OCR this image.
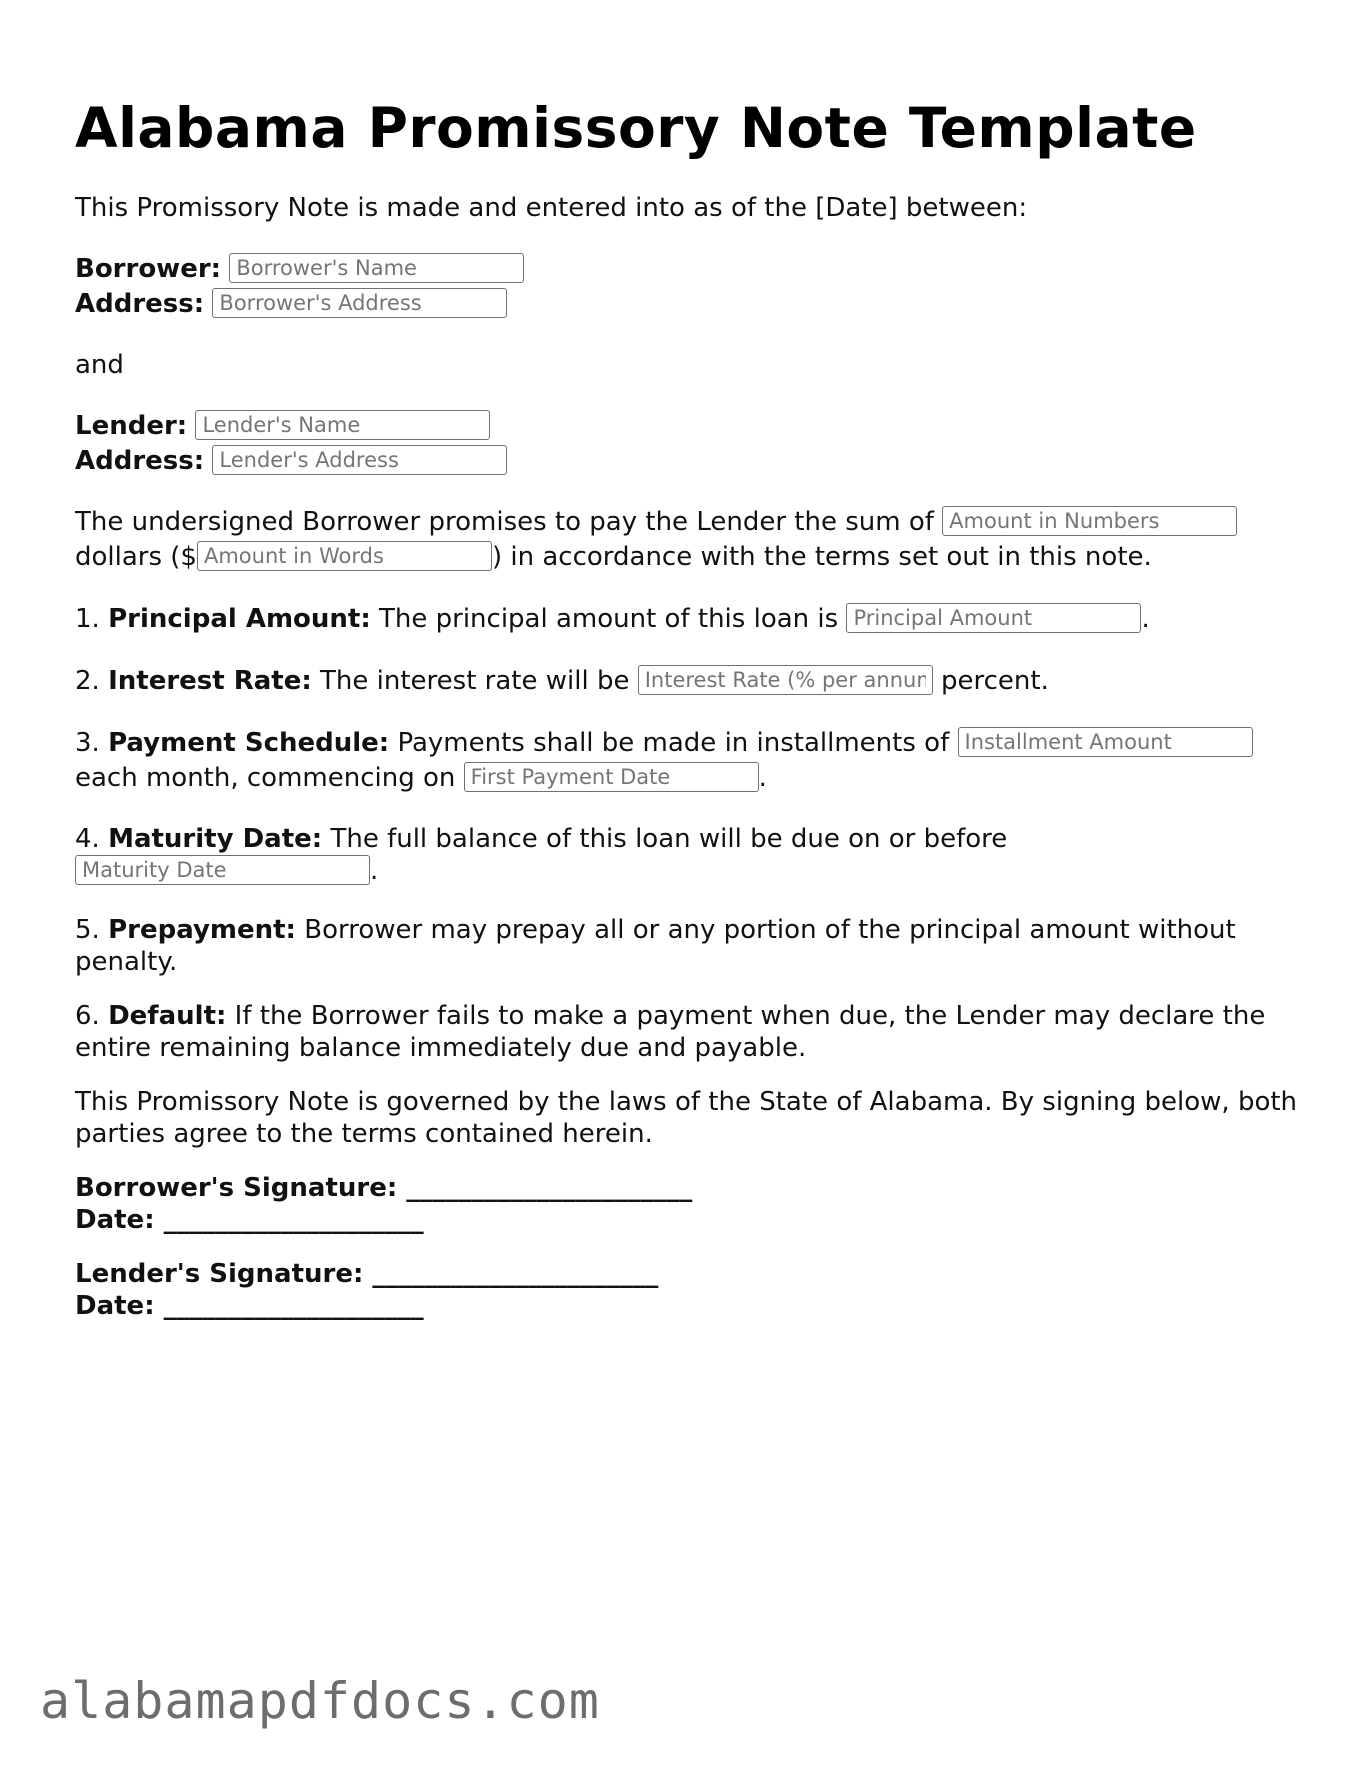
Alabama Promissory Note Template

This Promissory Note is made and entered into as of the [Date] between:

Borrower: Borrower's Name

Address: Borrower's Address

and

Lender: Lender's Name

Address: Lender's Address

The undersigned Borrower promises to pay the Lender the sum of Amount in Numbers

dollars ($Amount in Words	) in accordance with the terms set out in this note.

1. Principal Amount: The principal amount of this loan is Principal Amount	.

2. Interest Rate: The interest rate will be Interest Rate (% per annum)	percent.

3. Payment Schedule: Payments shall be made in installments of Installment Amount

each month, commencing on First Payment Date	.

4. Maturity Date: The full balance of this loan will be due on or before

Maturity Date.

5. Prepayment: Borrower may prepay all or any portion of the principal amount without penalty.

6. Default: If the Borrower fails to make a payment when due, the Lender may declare the entire remaining balance immediately due and payable.

This Promissory Note is governed by the laws of the State of Alabama. By signing below, both parties agree to the terms contained herein.

Borrower's Signature: ______________________

Date: ____________________

Lender's Signature: ______________________

Date: ____________________

alabamapdfdocs.com
